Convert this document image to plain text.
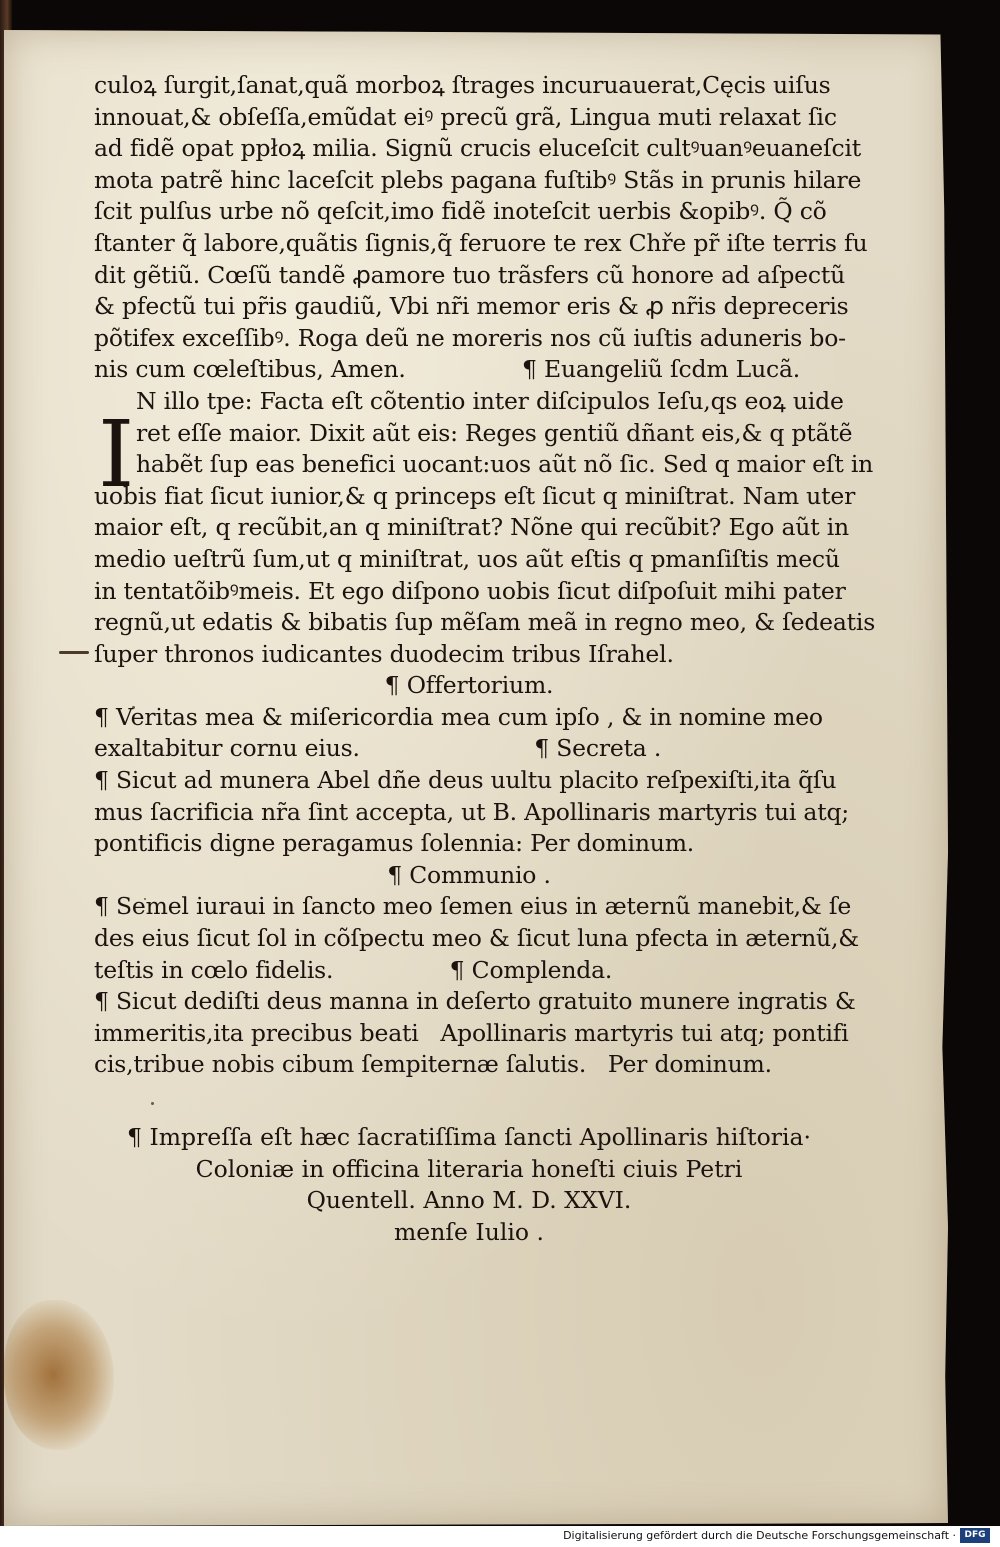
I
culoꝝ ſurgit,ſanat,quã morboꝝ ſtrages incuruauerat,Cęcis uiſus
innouat,& obſeſſa,emũdat eiꝰ precũ grã, Lingua muti relaxat ſic
ad fidẽ opat ppłoꝝ milia. Signũ crucis eluceſcit cultꝰuanꝰeuaneſcit
mota patrẽ hinc laceſcit plebs pagana fuſtibꝰ Stãs in prunis hilare
ſcit pulſus urbe nõ qeſcit,imo fidẽ inoteſcit uerbis &opibꝰ. Q̃ cõ
ſtanter q̃ labore,quãtis ſignis,q̃ feruore te rex Chře pr̃ iſte terris fu
dit gẽtiũ. Cœſũ tandẽ ꝓamore tuo trãsfers cũ honore ad aſpectũ
& pfectũ tui pr̃is gaudiũ, Vbi nr̃i memor eris & ꝓ nr̃is depreceris
põtifex exceſſibꝰ. Roga deũ ne moreris nos cũ iuſtis aduneris bo-
nis cum cœleſtibus, Amen.                ¶ Euangeliũ ſcdm Lucã.
N illo tpe: Facta eſt cõtentio inter diſcipulos Ieſu,qs eoꝝ uide
ret eſſe maior. Dixit aũt eis: Reges gentiũ dñant eis,& q ptãtẽ
habẽt ſup eas benefici uocant:uos aũt nõ ſic. Sed q maior eſt in
uobis fiat ſicut iunior,& q princeps eſt ſicut q miniſtrat. Nam uter
maior eſt, q recũbit,an q miniſtrat? Nõne qui recũbit? Ego aũt in
medio ueſtrũ ſum,ut q miniſtrat, uos aũt eſtis q pmanſiſtis mecũ
in tentatõibꝰmeis. Et ego diſpono uobis ſicut diſpoſuit mihi pater
regnũ,ut edatis & bibatis ſup mẽſam meã in regno meo, & ſedeatis
ſuper thronos iudicantes duodecim tribus Iſrahel.
¶ Offertorium.
¶ Veritas mea & miſericordia mea cum ipſo , & in nomine meo
exaltabitur cornu eius.                        ¶ Secreta .
¶ Sicut ad munera Abel dñe deus uultu placito reſpexiſti,ita q̃ſu
mus ſacrificia nr̃a ſint accepta, ut B. Apollinaris martyris tui atq;
pontificis digne peragamus ſolennia: Per dominum.
¶ Communio .
¶ Semel iuraui in ſancto meo ſemen eius in æternũ manebit,& ſe
des eius ſicut ſol in cõſpectu meo & ſicut luna pfecta in æternũ,&
teſtis in cœlo fidelis.                ¶ Complenda.
¶ Sicut dediſti deus manna in deſerto gratuito munere ingratis &
immeritis,ita precibus beati   Apollinaris martyris tui atq; pontifi
cis,tribue nobis cibum ſempiternæ ſalutis.   Per dominum.
¶ Impreſſa eſt hæc ſacratiſſima ſancti Apollinaris hiſtoria·
Coloniæ in officina literaria honeſti ciuis Petri
Quentell. Anno M. D. XXVI.
menſe Iulio .
Digitalisierung gefördert durch die Deutsche Forschungsgemeinschaft · DFG
